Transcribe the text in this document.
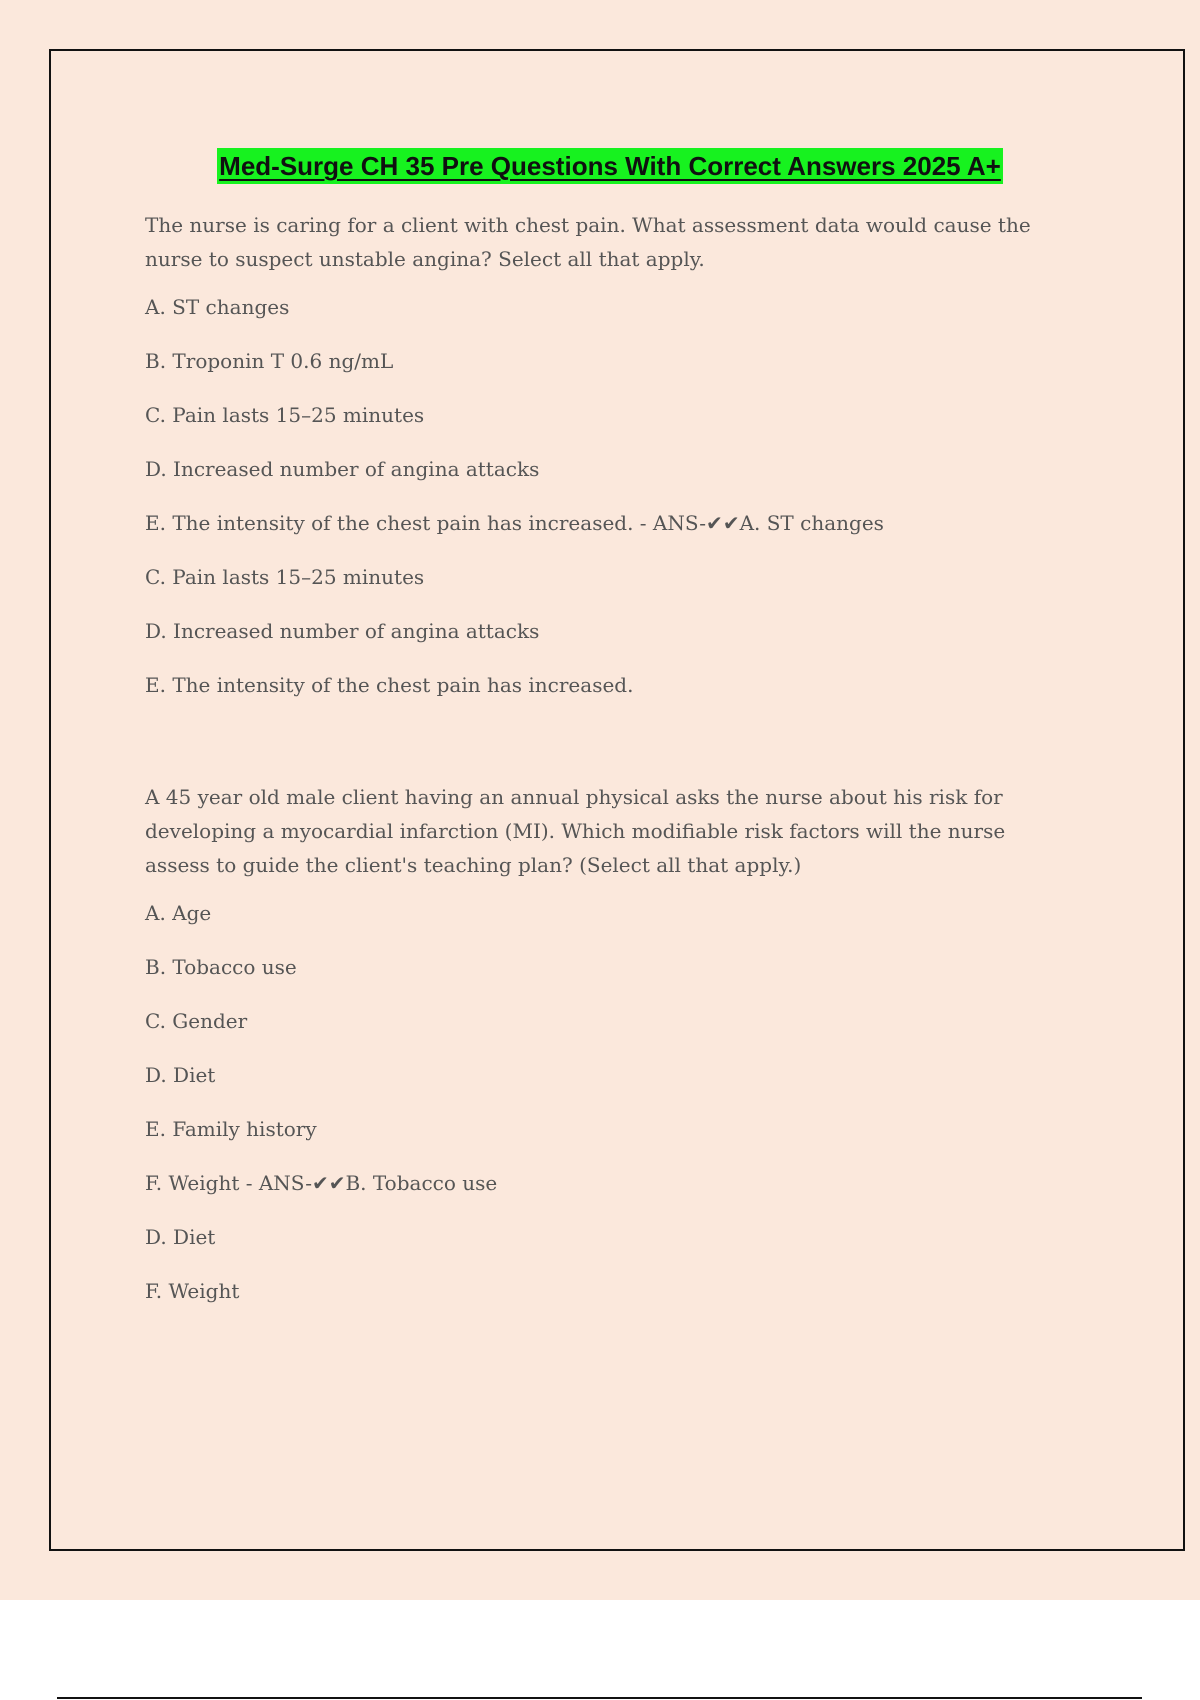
Med-Surge CH 35 Pre Questions With Correct Answers 2025 A+

The nurse is caring for a client with chest pain. What assessment data would cause the nurse to suspect unstable angina? Select all that apply.

A. ST changes
B. Troponin T 0.6 ng/mL
C. Pain lasts 15–25 minutes
D. Increased number of angina attacks
E. The intensity of the chest pain has increased. - ANS-✔✔A. ST changes
C. Pain lasts 15–25 minutes
D. Increased number of angina attacks
E. The intensity of the chest pain has increased.

A 45 year old male client having an annual physical asks the nurse about his risk for developing a myocardial infarction (MI). Which modifiable risk factors will the nurse assess to guide the client's teaching plan? (Select all that apply.)

A. Age
B. Tobacco use
C. Gender
D. Diet
E. Family history
F. Weight - ANS-✔✔B. Tobacco use
D. Diet
F. Weight
